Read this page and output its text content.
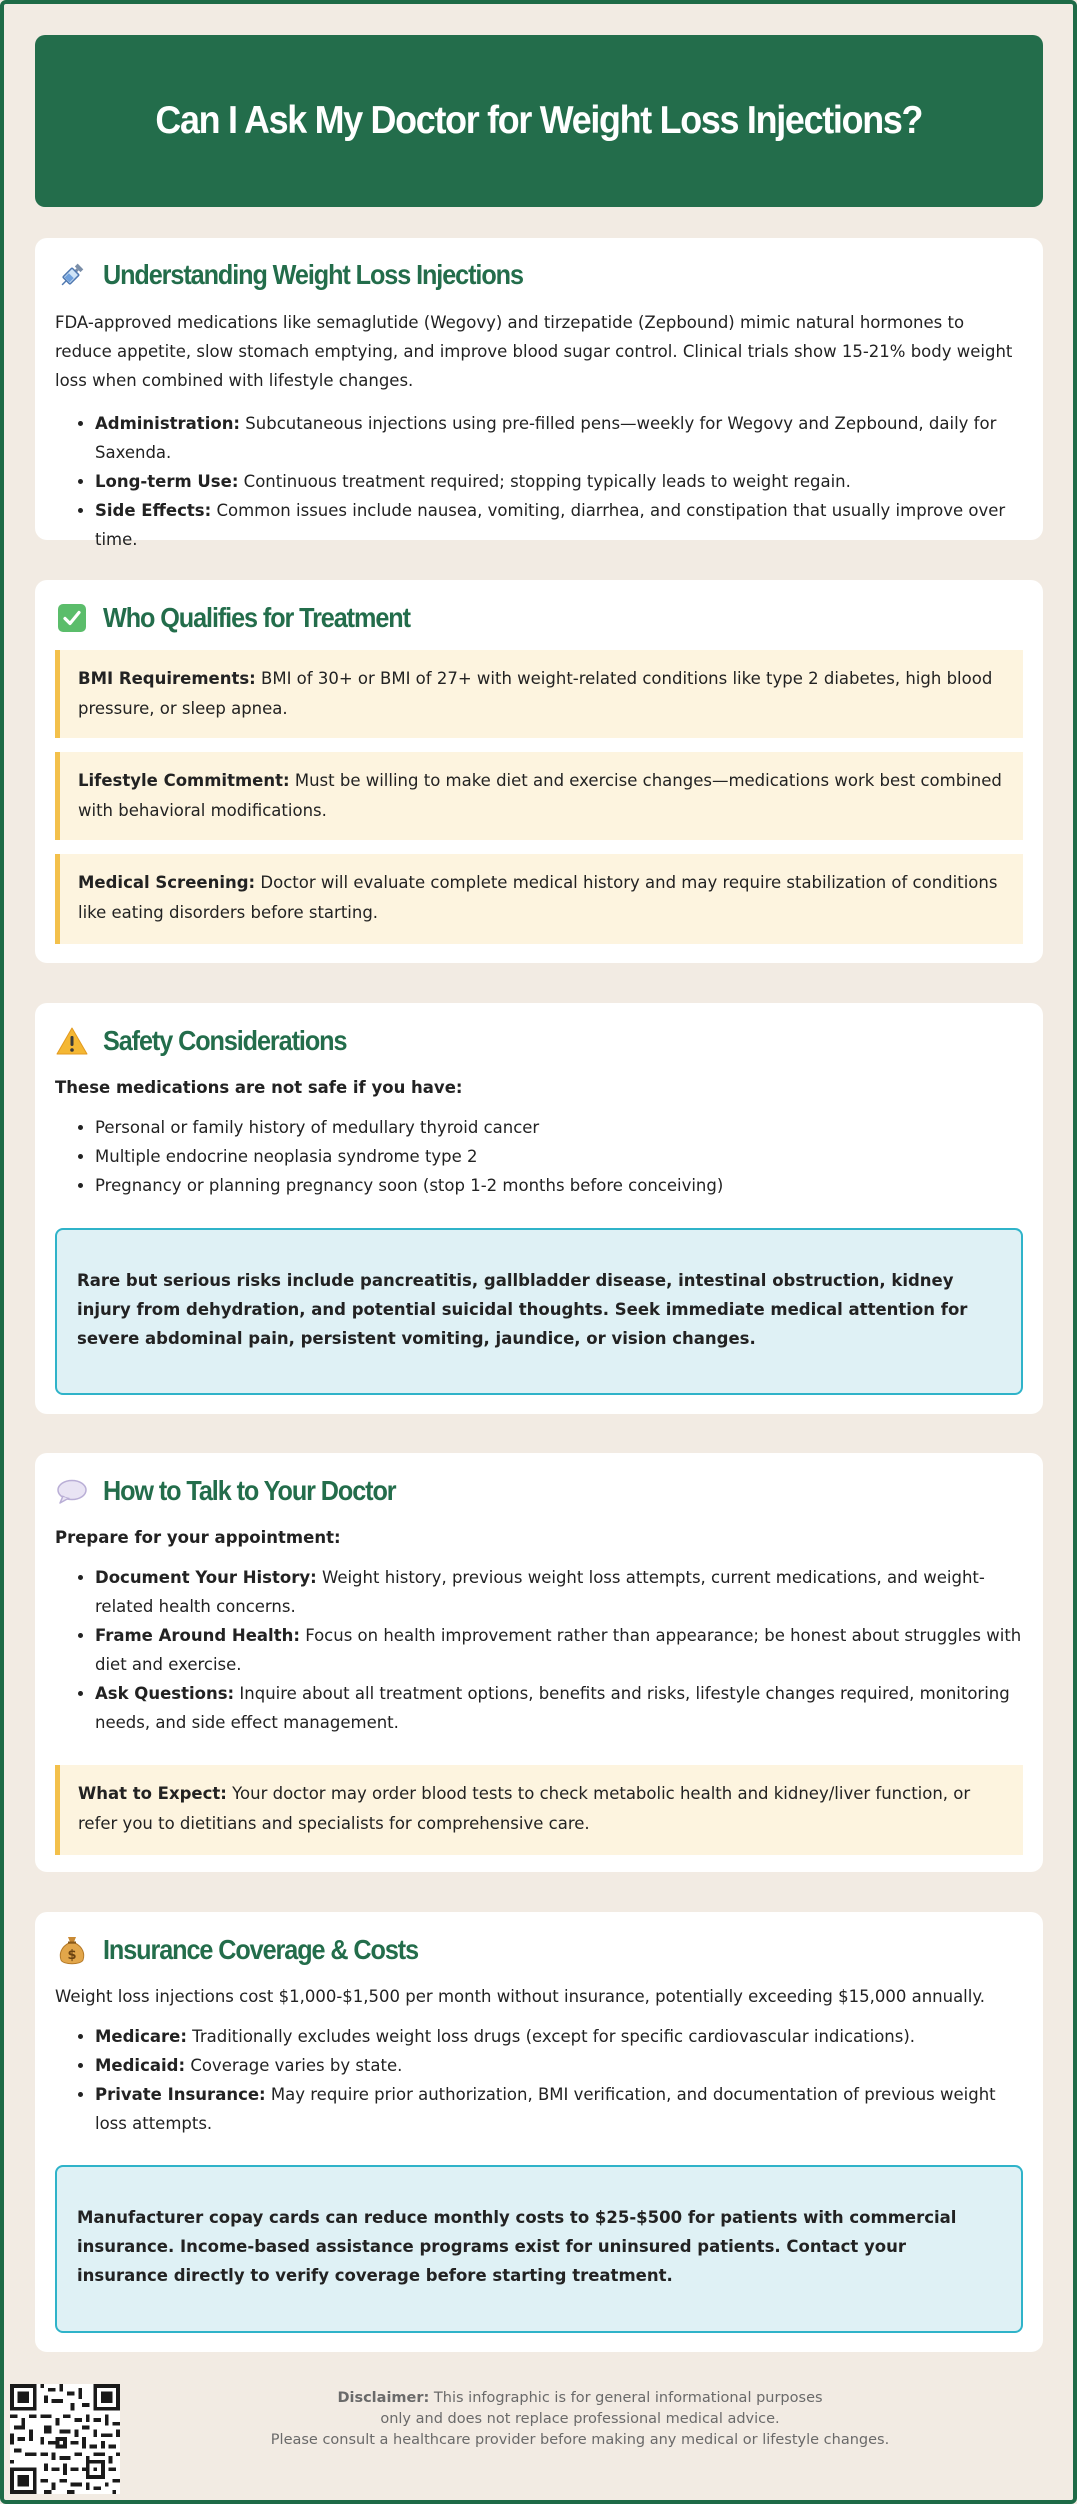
Can I Ask My Doctor for Weight Loss Injections?
Understanding Weight Loss Injections

FDA-approved medications like semaglutide (Wegovy) and tirzepatide (Zepbound) mimic natural hormones to reduce appetite, slow stomach emptying, and improve blood sugar control. Clinical trials show 15-21% body weight loss when combined with lifestyle changes.

• Administration: Subcutaneous injections using pre-filled pens—weekly for Wegovy and Zepbound, daily for Saxenda.
• Long-term Use: Continuous treatment required; stopping typically leads to weight regain.
• Side Effects: Common issues include nausea, vomiting, diarrhea, and constipation that usually improve over time.
Who Qualifies for Treatment
BMI Requirements: BMI of 30+ or BMI of 27+ with weight-related conditions like type 2 diabetes, high blood pressure, or sleep apnea.
Lifestyle Commitment: Must be willing to make diet and exercise changes—medications work best combined with behavioral modifications.
Medical Screening: Doctor will evaluate complete medical history and may require stabilization of conditions like eating disorders before starting.
Safety Considerations

These medications are not safe if you have:

• Personal or family history of medullary thyroid cancer
• Multiple endocrine neoplasia syndrome type 2
• Pregnancy or planning pregnancy soon (stop 1-2 months before conceiving)
Rare but serious risks include pancreatitis, gallbladder disease, intestinal obstruction, kidney injury from dehydration, and potential suicidal thoughts. Seek immediate medical attention for severe abdominal pain, persistent vomiting, jaundice, or vision changes.
How to Talk to Your Doctor

Prepare for your appointment:

• Document Your History: Weight history, previous weight loss attempts, current medications, and weight-related health concerns.
• Frame Around Health: Focus on health improvement rather than appearance; be honest about struggles with diet and exercise.
• Ask Questions: Inquire about all treatment options, benefits and risks, lifestyle changes required, monitoring needs, and side effect management.
What to Expect: Your doctor may order blood tests to check metabolic health and kidney/liver function, or refer you to dietitians and specialists for comprehensive care.
$ Insurance Coverage & Costs

Weight loss injections cost $1,000-$1,500 per month without insurance, potentially exceeding $15,000 annually.

• Medicare: Traditionally excludes weight loss drugs (except for specific cardiovascular indications).
• Medicaid: Coverage varies by state.
• Private Insurance: May require prior authorization, BMI verification, and documentation of previous weight loss attempts.
Manufacturer copay cards can reduce monthly costs to $25-$500 for patients with commercial insurance. Income-based assistance programs exist for uninsured patients. Contact your insurance directly to verify coverage before starting treatment.
Disclaimer: This infographic is for general informational purposes
only and does not replace professional medical advice.
Please consult a healthcare provider before making any medical or lifestyle changes.
